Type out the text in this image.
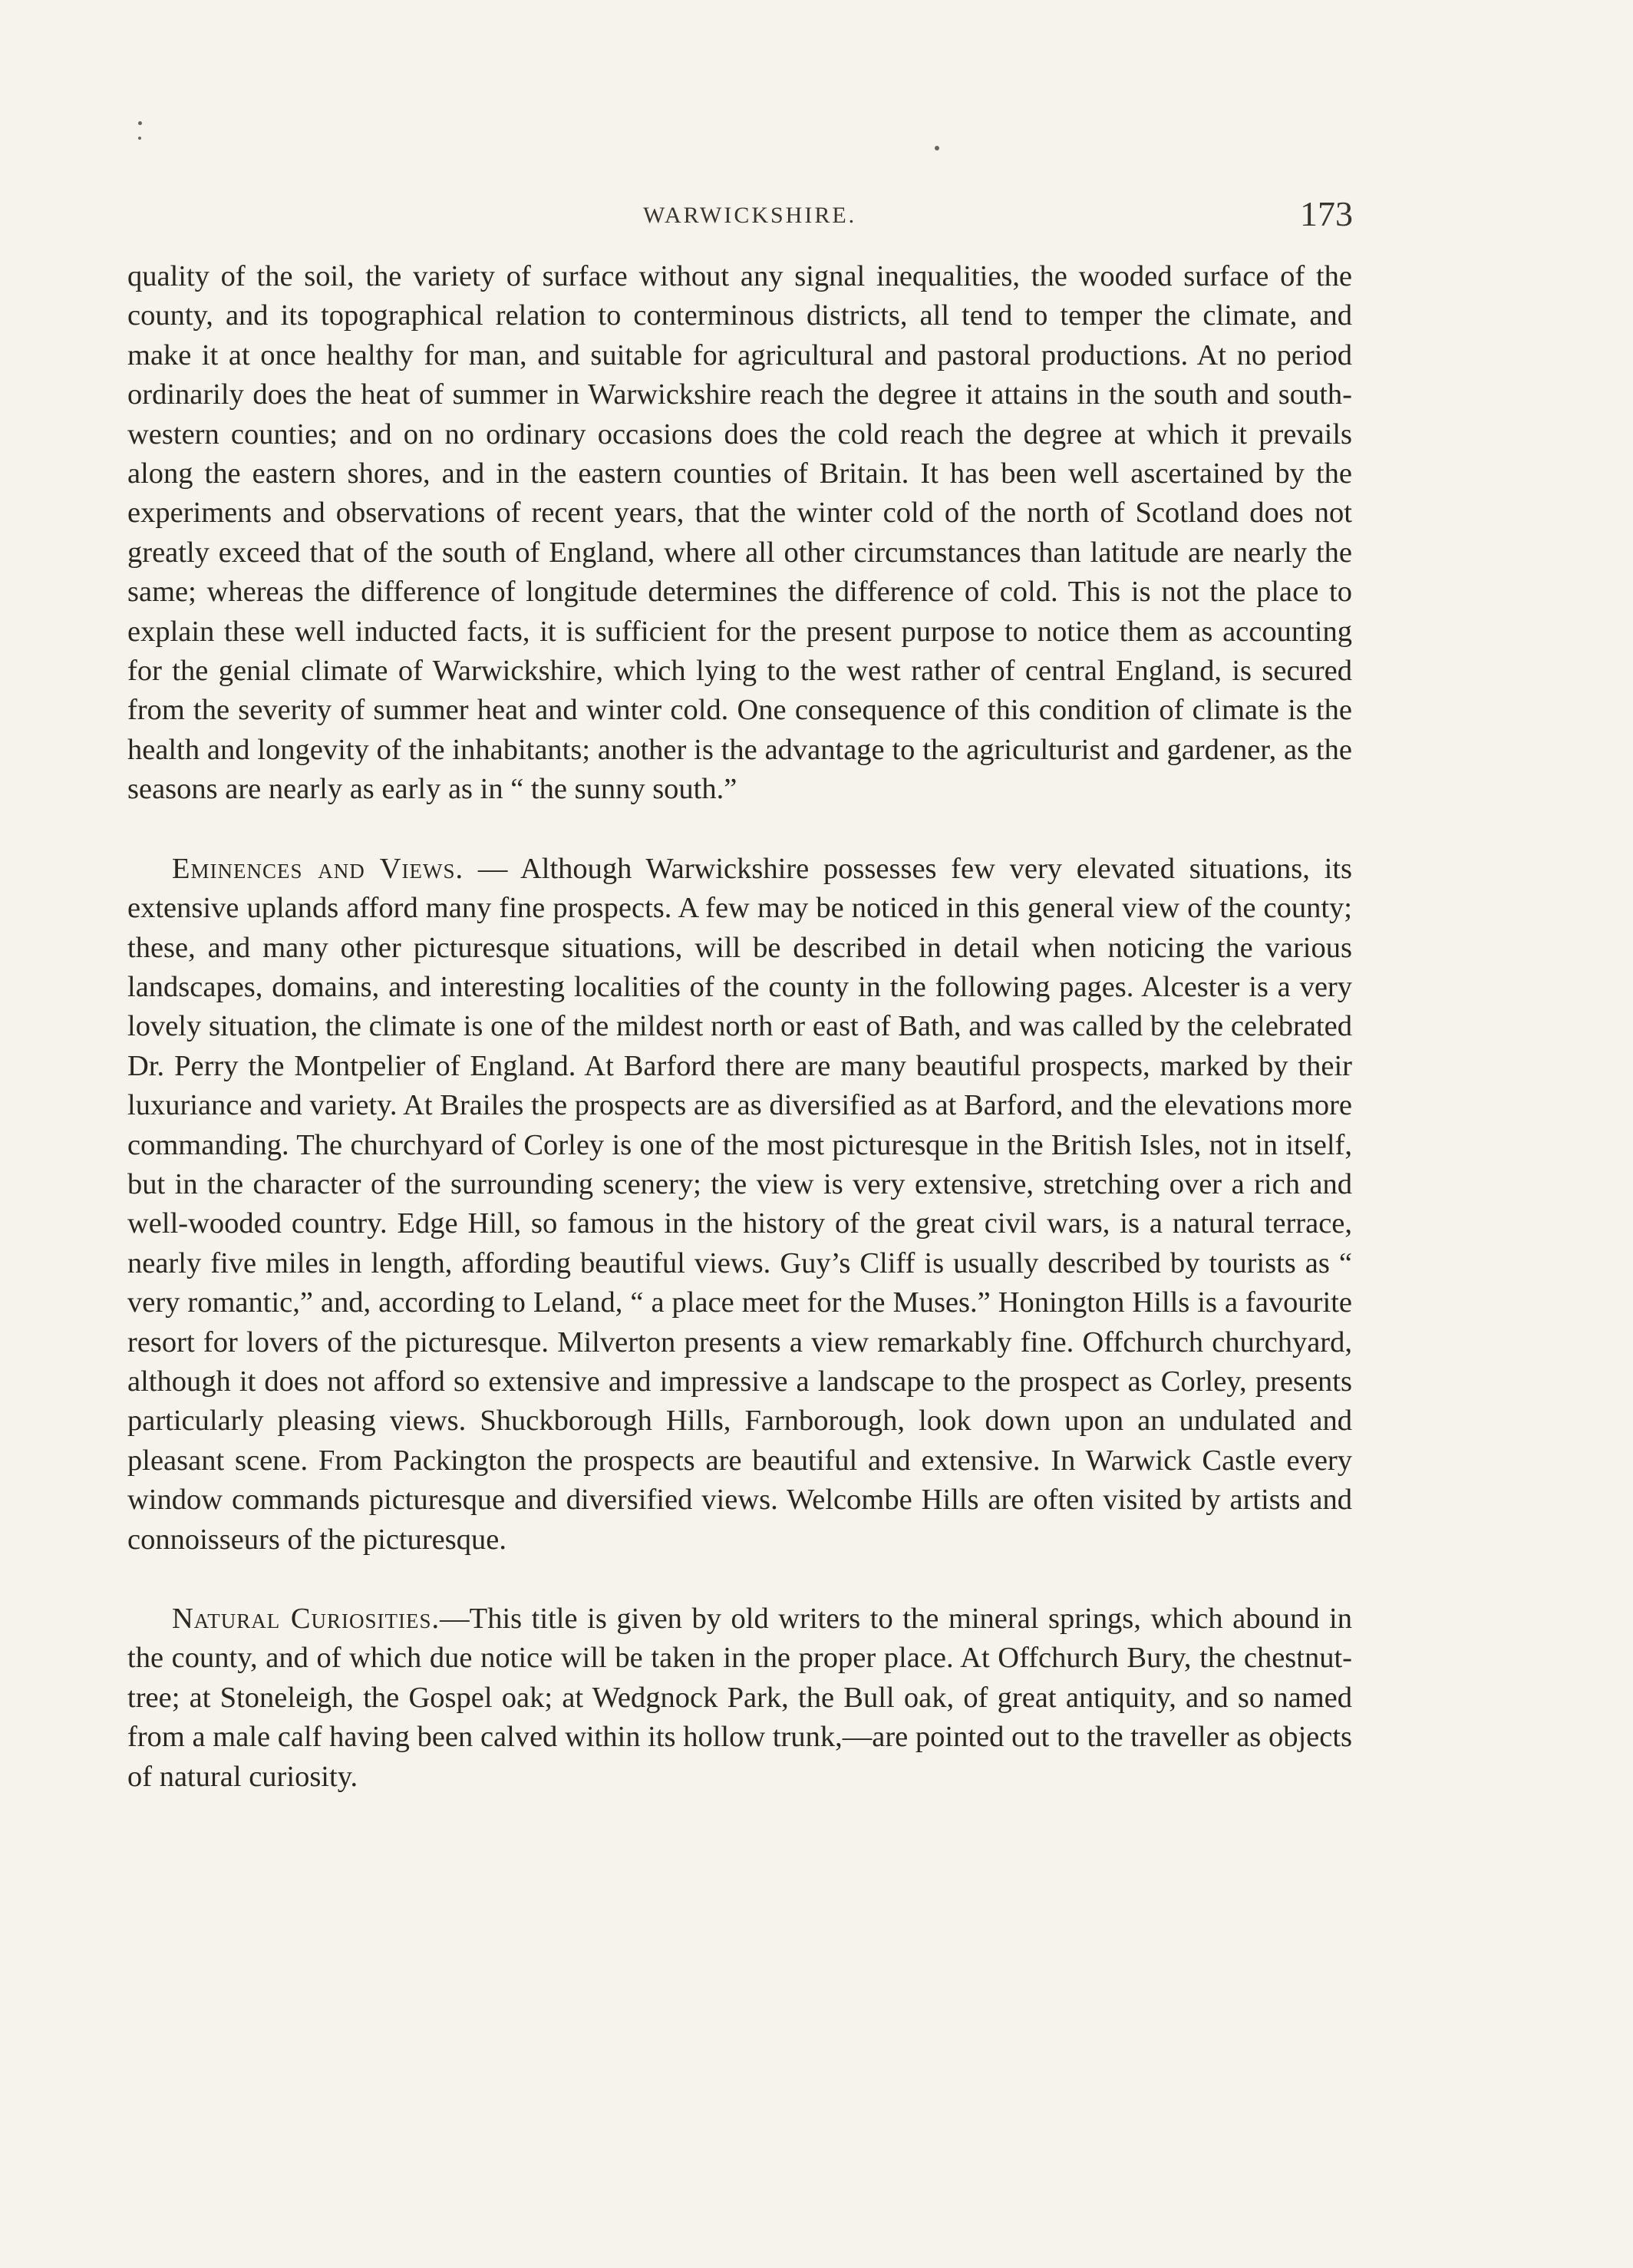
WARWICKSHIRE.	173

quality of the soil, the variety of surface without any signal inequalities, the wooded surface of the county, and its topographical relation to conterminous districts, all tend to temper the climate, and make it at once healthy for man, and suitable for agricultural and pastoral productions. At no period ordinarily does the heat of summer in Warwickshire reach the degree it attains in the south and south-western counties; and on no ordinary occasions does the cold reach the degree at which it prevails along the eastern shores, and in the eastern counties of Britain. It has been well ascertained by the experiments and observations of recent years, that the winter cold of the north of Scotland does not greatly exceed that of the south of England, where all other circumstances than latitude are nearly the same; whereas the difference of longitude determines the difference of cold. This is not the place to explain these well inducted facts, it is sufficient for the present purpose to notice them as accounting for the genial climate of Warwickshire, which lying to the west rather of central England, is secured from the severity of summer heat and winter cold. One consequence of this condition of climate is the health and longevity of the inhabitants; another is the advantage to the agriculturist and gardener, as the seasons are nearly as early as in “ the sunny south.”

Eminences and Views. — Although Warwickshire possesses few very elevated situations, its extensive uplands afford many fine prospects. A few may be noticed in this general view of the county; these, and many other picturesque situations, will be described in detail when noticing the various landscapes, domains, and interesting localities of the county in the following pages. Alcester is a very lovely situation, the climate is one of the mildest north or east of Bath, and was called by the celebrated Dr. Perry the Montpelier of England. At Barford there are many beautiful prospects, marked by their luxuriance and variety. At Brailes the prospects are as diversified as at Barford, and the elevations more commanding. The churchyard of Corley is one of the most picturesque in the British Isles, not in itself, but in the character of the surrounding scenery; the view is very extensive, stretching over a rich and well-wooded country. Edge Hill, so famous in the history of the great civil wars, is a natural terrace, nearly five miles in length, affording beautiful views. Guy’s Cliff is usually described by tourists as “ very romantic,” and, according to Leland, “ a place meet for the Muses.” Honington Hills is a favourite resort for lovers of the picturesque. Milverton presents a view remarkably fine. Offchurch churchyard, although it does not afford so extensive and impressive a landscape to the prospect as Corley, presents particularly pleasing views. Shuckborough Hills, Farnborough, look down upon an undulated and pleasant scene. From Packington the prospects are beautiful and extensive. In Warwick Castle every window commands picturesque and diversified views. Welcombe Hills are often visited by artists and connoisseurs of the picturesque.

Natural Curiosities.—This title is given by old writers to the mineral springs, which abound in the county, and of which due notice will be taken in the proper place. At Offchurch Bury, the chestnut-tree; at Stoneleigh, the Gospel oak; at Wedgnock Park, the Bull oak, of great antiquity, and so named from a male calf having been calved within its hollow trunk,—are pointed out to the traveller as objects of natural curiosity.
